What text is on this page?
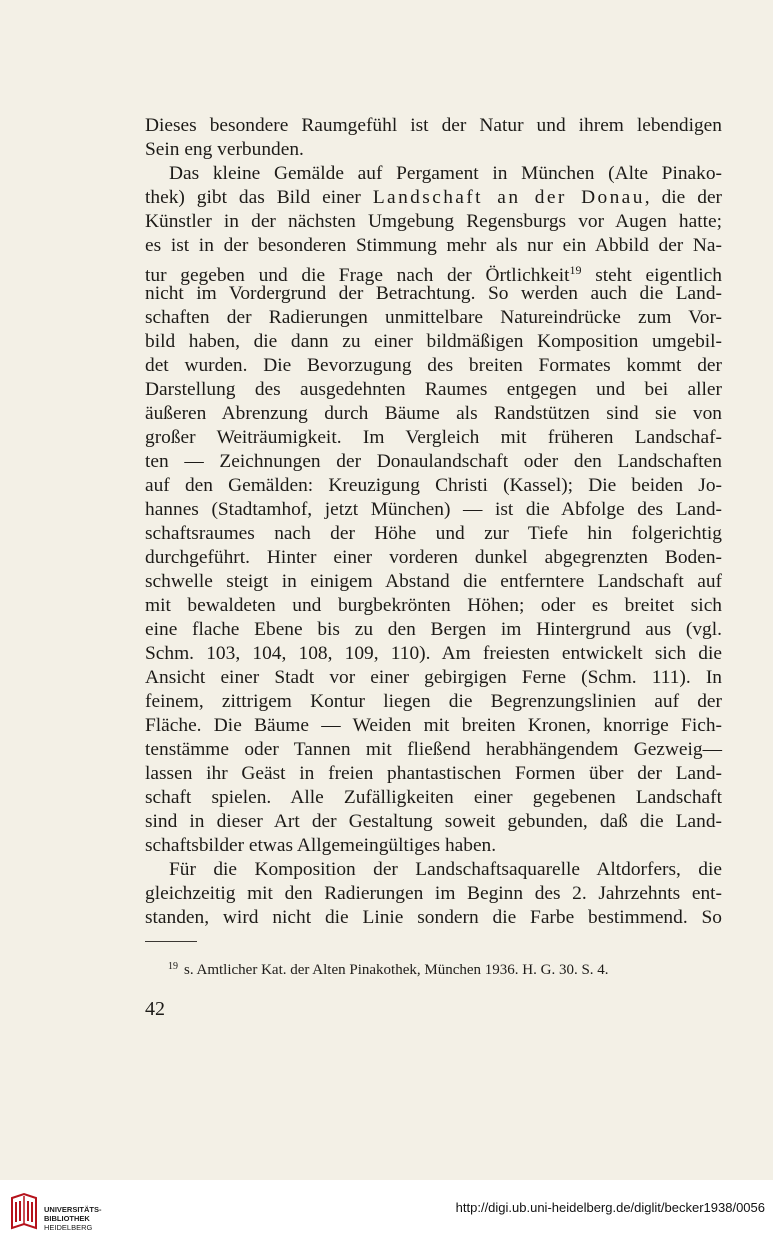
Dieses besondere Raumgefühl ist der Natur und ihrem lebendigen
Sein eng verbunden.
Das kleine Gemälde auf Pergament in München (Alte Pinako-
thek) gibt das Bild einer Landschaft an der Donau, die der
Künstler in der nächsten Umgebung Regensburgs vor Augen hatte;
es ist in der besonderen Stimmung mehr als nur ein Abbild der Na-
tur gegeben und die Frage nach der Örtlichkeit$^{19}$ steht eigentlich
nicht im Vordergrund der Betrachtung. So werden auch die Land-
schaften der Radierungen unmittelbare Natureindrücke zum Vor-
bild haben, die dann zu einer bildmäßigen Komposition umgebil-
det wurden. Die Bevorzugung des breiten Formates kommt der
Darstellung des ausgedehnten Raumes entgegen und bei aller
äußeren Abrenzung durch Bäume als Randstützen sind sie von
großer Weiträumigkeit. Im Vergleich mit früheren Landschaf-
ten — Zeichnungen der Donaulandschaft oder den Landschaften
auf den Gemälden: Kreuzigung Christi (Kassel); Die beiden Jo-
hannes (Stadtamhof, jetzt München) — ist die Abfolge des Land-
schaftsraumes nach der Höhe und zur Tiefe hin folgerichtig
durchgeführt. Hinter einer vorderen dunkel abgegrenzten Boden-
schwelle steigt in einigem Abstand die entferntere Landschaft auf
mit bewaldeten und burgbekrönten Höhen; oder es breitet sich
eine flache Ebene bis zu den Bergen im Hintergrund aus (vgl.
Schm. 103, 104, 108, 109, 110). Am freiesten entwickelt sich die
Ansicht einer Stadt vor einer gebirgigen Ferne (Schm. 111). In
feinem, zittrigem Kontur liegen die Begrenzungslinien auf der
Fläche. Die Bäume — Weiden mit breiten Kronen, knorrige Fich-
tenstämme oder Tannen mit fließend herabhängendem Gezweig—
lassen ihr Geäst in freien phantastischen Formen über der Land-
schaft spielen. Alle Zufälligkeiten einer gegebenen Landschaft
sind in dieser Art der Gestaltung soweit gebunden, daß die Land-
schaftsbilder etwas Allgemeingültiges haben.
Für die Komposition der Landschaftsaquarelle Altdorfers, die
gleichzeitig mit den Radierungen im Beginn des 2. Jahrzehnts ent-
standen, wird nicht die Linie sondern die Farbe bestimmend. So
$^{19}$ s. Amtlicher Kat. der Alten Pinakothek, München 1936. H. G. 30. S. 4.
42
UNIVERSITÄTS-
BIBLIOTHEK
HEIDELBERG
http://digi.ub.uni-heidelberg.de/diglit/becker1938/0056
